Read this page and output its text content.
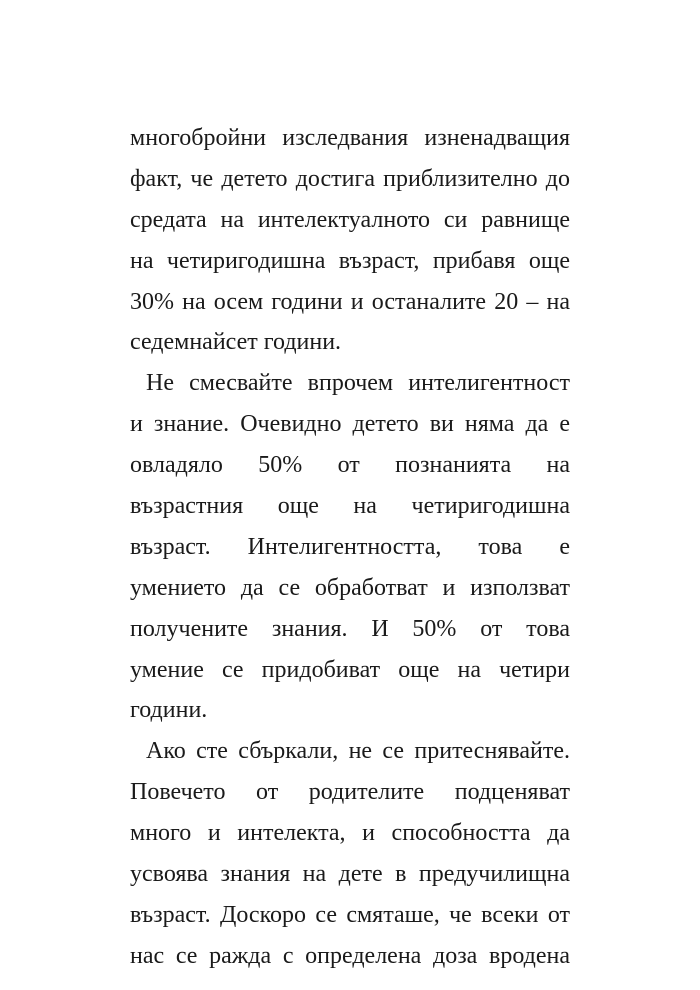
многобройни изследвания изненадващия
факт, че детето достига приблизително до
средата на интелектуалното си равнище
на четиригодишна възраст, прибавя още
30% на осем години и останалите 20 – на
седемнайсет години.
Не смесвайте впрочем интелигентност
и знание. Очевидно детето ви няма да е
овладяло 50% от познанията на
възрастния още на четиригодишна
възраст. Интелигентността, това е
умението да се обработват и използват
получените знания. И 50% от това
умение се придобиват още на четири
години.
Ако сте сбъркали, не се притеснявайте.
Повечето от родителите подценяват
много и интелекта, и способността да
усвоява знания на дете в предучилищна
възраст. Доскоро се смяташе, че всеки от
нас се ражда с определена доза вродена
